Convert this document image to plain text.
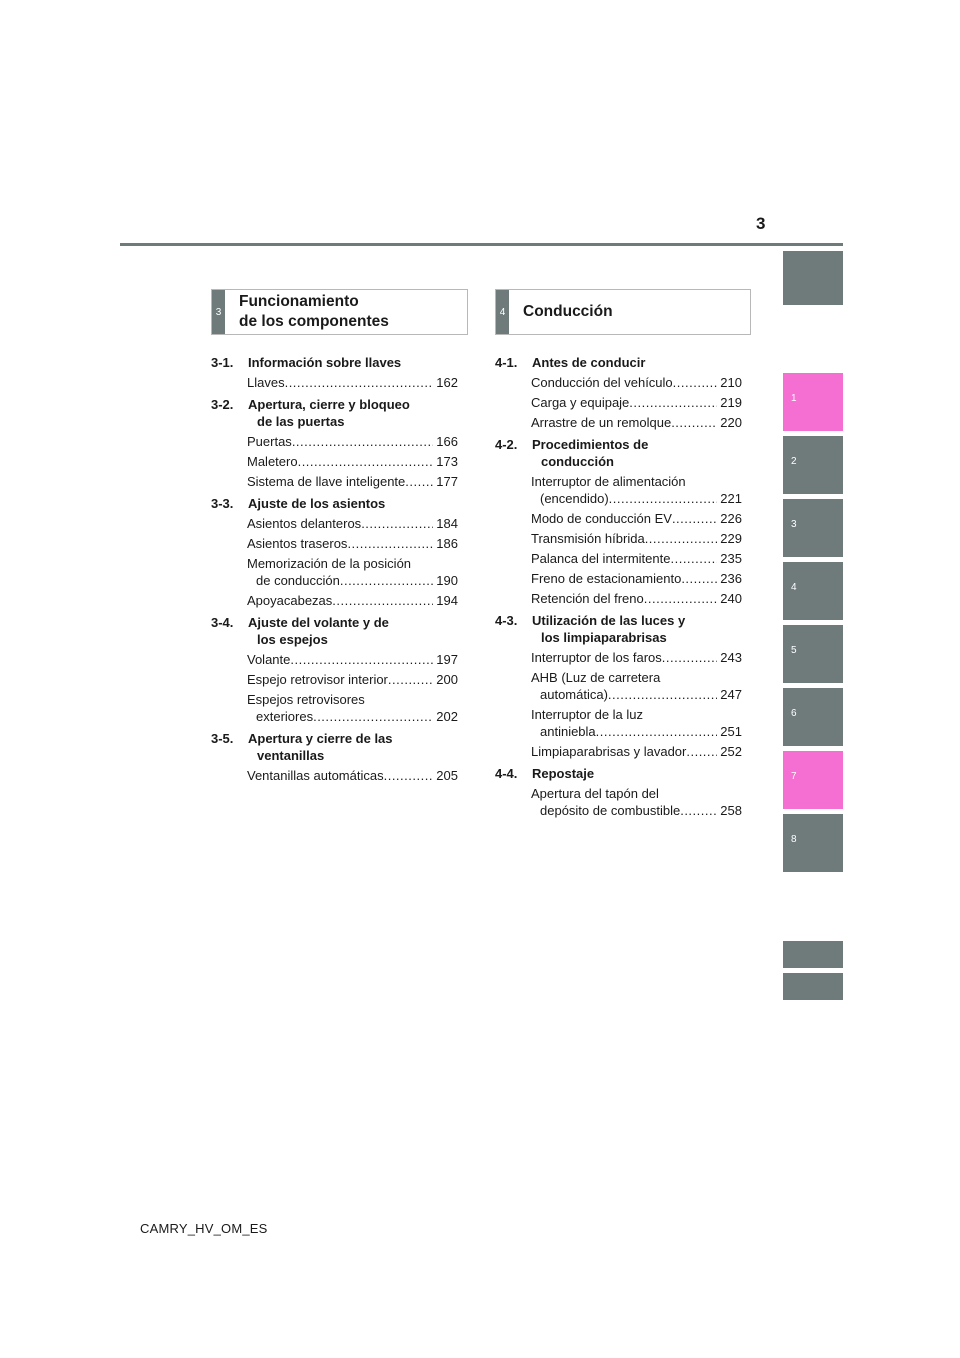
3
1
2
3
4
5
6
7
8
3
Funcionamiento
de los componentes
4 Conducción
3-1.	Información sobre llaves
Llaves .....	162
3-2.	Apertura, cierre y bloqueo
de las puertas
Puertas .....	166
Maletero .....	173
Sistema de llave inteligente .....	177
3-3.	Ajuste de los asientos
Asientos delanteros .....	184
Asientos traseros .....	186
Memorización de la posición
de conducción .....	190
Apoyacabezas .....	194
3-4.	Ajuste del volante y de
los espejos
Volante .....	197
Espejo retrovisor interior .....	200
Espejos retrovisores
exteriores .....	202
3-5.	Apertura y cierre de las
ventanillas
Ventanillas automáticas .....	205
4-1.	Antes de conducir
Conducción del vehículo .....	210
Carga y equipaje .....	219
Arrastre de un remolque .....	220
4-2.	Procedimientos de
conducción
Interruptor de alimentación
(encendido) .....	221
Modo de conducción EV .....	226
Transmisión híbrida .....	229
Palanca del intermitente .....	235
Freno de estacionamiento .....	236
Retención del freno .....	240
4-3.	Utilización de las luces y
los limpiaparabrisas
Interruptor de los faros .....	243
AHB (Luz de carretera
automática) .....	247
Interruptor de la luz
antiniebla .....	251
Limpiaparabrisas y lavador .....	252
4-4.	Repostaje
Apertura del tapón del
depósito de combustible .....	258
CAMRY_HV_OM_ES
